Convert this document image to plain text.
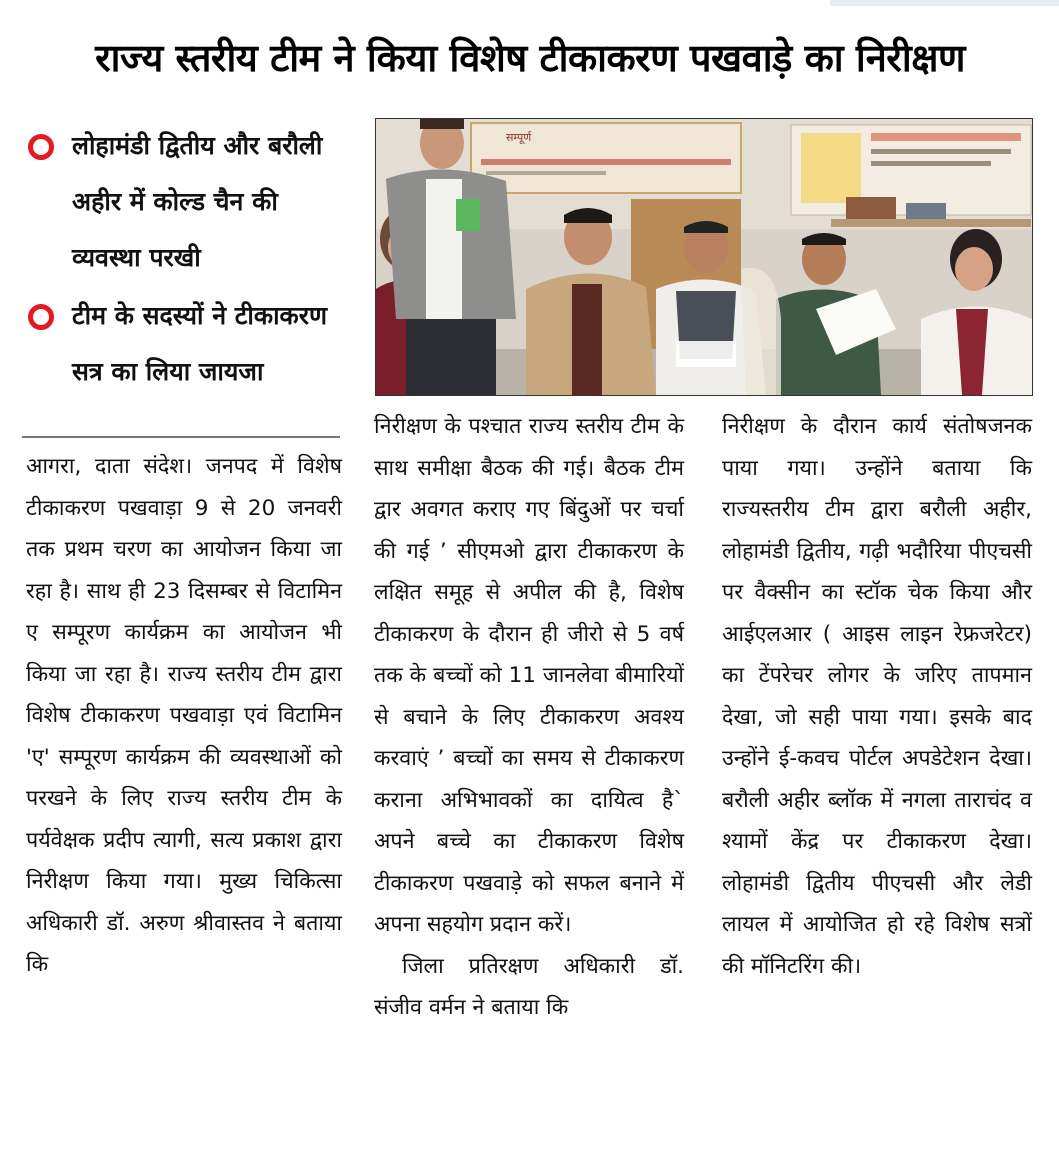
राज्य स्तरीय टीम ने किया विशेष टीकाकरण पखवाड़े का निरीक्षण
लोहामंडी द्वितीय और बरौली अहीर में कोल्ड चैन की व्यवस्था परखी
टीम के सदस्यों ने टीकाकरण सत्र का लिया जायजा
सम्पूर्ण

आगरा, दाता संदेश। जनपद में विशेष टीकाकरण पखवाड़ा 9 से 20 जनवरी तक प्रथम चरण का आयोजन किया जा रहा है। साथ ही 23 दिसम्बर से विटामिन ए सम्पूरण कार्यक्रम का आयोजन भी किया जा रहा है। राज्य स्तरीय टीम द्वारा विशेष टीकाकरण पखवाड़ा एवं विटामिन 'ए' सम्पूरण कार्यक्रम की व्यवस्थाओं को परखने के लिए राज्य स्तरीय टीम के पर्यवेक्षक प्रदीप त्यागी, सत्य प्रकाश द्वारा निरीक्षण किया गया। मुख्य चिकित्सा अधिकारी डॉ. अरुण श्रीवास्तव ने बताया कि

निरीक्षण के पश्चात राज्य स्तरीय टीम के साथ समीक्षा बैठक की गई। बैठक टीम द्वार अवगत कराए गए बिंदुओं पर चर्चा की गई ’ सीएमओ द्वारा टीकाकरण के लक्षित समूह से अपील की है, विशेष टीकाकरण के दौरान ही जीरो से 5 वर्ष तक के बच्चों को 11 जानलेवा बीमारियों से बचाने के लिए टीकाकरण अवश्य करवाएं ’ बच्चों का समय से टीकाकरण कराना अभिभावकों का दायित्व है` अपने बच्चे का टीकाकरण विशेष टीकाकरण पखवाड़े को सफल बनाने में अपना सहयोग प्रदान करें।

जिला प्रतिरक्षण अधिकारी डॉ. संजीव वर्मन ने बताया कि

निरीक्षण के दौरान कार्य संतोषजनक पाया गया। उन्होंने बताया कि राज्यस्तरीय टीम द्वारा बरौली अहीर, लोहामंडी द्वितीय, गढ़ी भदौरिया पीएचसी पर वैक्सीन का स्टॉक चेक किया और आईएलआर ( आइस लाइन रेफ्रजरेटर) का टेंपरेचर लोगर के जरिए तापमान देखा, जो सही पाया गया। इसके बाद उन्होंने ई-कवच पोर्टल अपडेटेशन देखा। बरौली अहीर ब्लॉक में नगला ताराचंद व श्यामों केंद्र पर टीकाकरण देखा। लोहामंडी द्वितीय पीएचसी और लेडी लायल में आयोजित हो रहे विशेष सत्रों की मॉनिटरिंग की।
